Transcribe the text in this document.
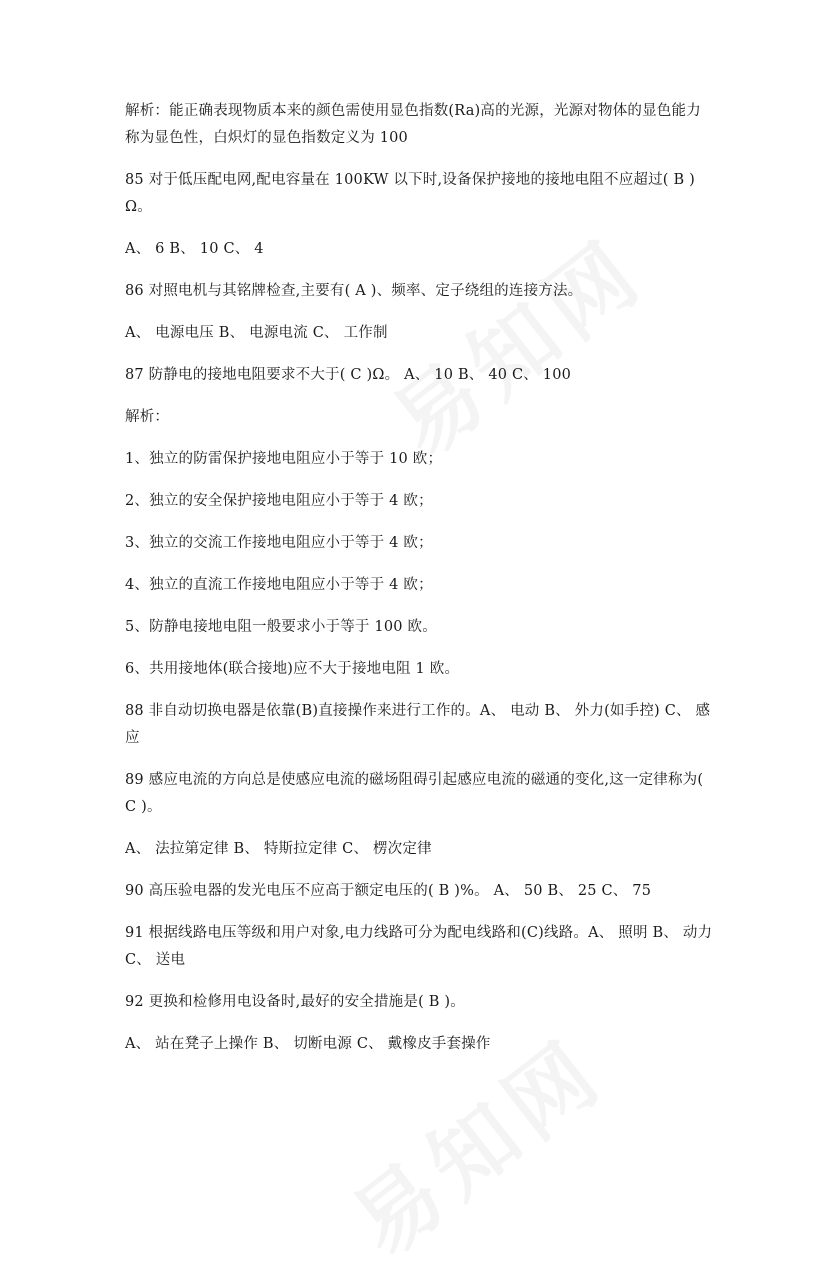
解析：能正确表现物质本来的颜色需使用显色指数(Ra)高的光源，光源对物体的显色能力称为显色性，白炽灯的显色指数定义为 100

85 对于低压配电网,配电容量在 100KW 以下时,设备保护接地的接地电阻不应超过( B )Ω。

A、 6 B、 10 C、 4

86 对照电机与其铭牌检查,主要有( A )、频率、定子绕组的连接方法。

A、 电源电压 B、 电源电流 C、 工作制

87 防静电的接地电阻要求不大于( C )Ω。 A、 10 B、 40 C、 100

解析：

1、独立的防雷保护接地电阻应小于等于 10 欧；

2、独立的安全保护接地电阻应小于等于 4 欧；

3、独立的交流工作接地电阻应小于等于 4 欧；

4、独立的直流工作接地电阻应小于等于 4 欧；

5、防静电接地电阻一般要求小于等于 100 欧。

6、共用接地体(联合接地)应不大于接地电阻 1 欧。

88 非自动切换电器是依靠(B)直接操作来进行工作的。A、 电动 B、 外力(如手控) C、 感应

89 感应电流的方向总是使感应电流的磁场阻碍引起感应电流的磁通的变化,这一定律称为( C )。

A、 法拉第定律 B、 特斯拉定律 C、 楞次定律

90 高压验电器的发光电压不应高于额定电压的( B )%。 A、 50 B、 25 C、 75

91 根据线路电压等级和用户对象,电力线路可分为配电线路和(C)线路。A、 照明 B、 动力 C、 送电

92 更换和检修用电设备时,最好的安全措施是( B )。

A、 站在凳子上操作 B、 切断电源 C、 戴橡皮手套操作
